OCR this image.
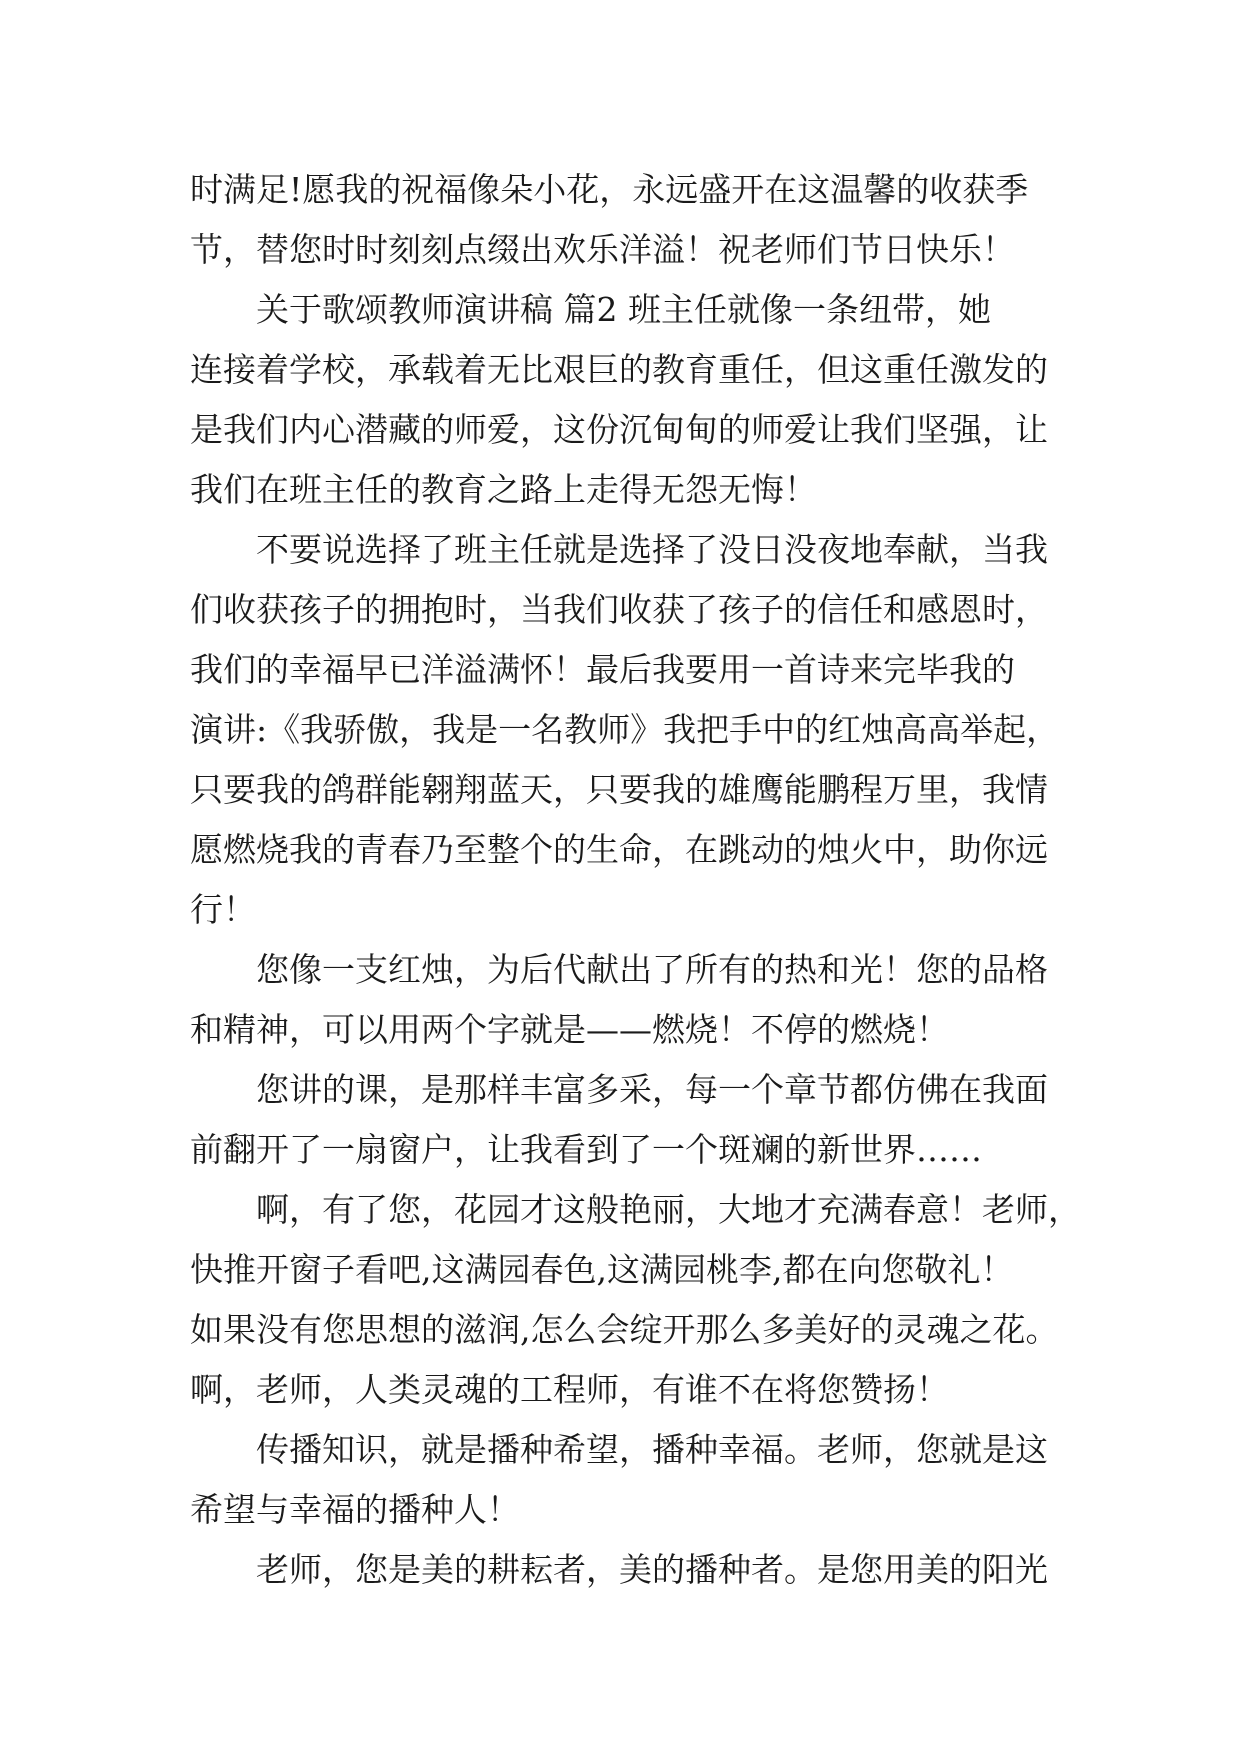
时满足!愿我的祝福像朵小花，永远盛开在这温馨的收获季
节，替您时时刻刻点缀出欢乐洋溢！祝老师们节日快乐！
关于歌颂教师演讲稿 篇2 班主任就像一条纽带，她
连接着学校，承载着无比艰巨的教育重任，但这重任激发的
是我们内心潜藏的师爱，这份沉甸甸的师爱让我们坚强，让
我们在班主任的教育之路上走得无怨无悔！
不要说选择了班主任就是选择了没日没夜地奉献，当我
们收获孩子的拥抱时，当我们收获了孩子的信任和感恩时，
我们的幸福早已洋溢满怀！最后我要用一首诗来完毕我的
演讲:《我骄傲，我是一名教师》我把手中的红烛高高举起，
只要我的鸽群能翱翔蓝天，只要我的雄鹰能鹏程万里，我情
愿燃烧我的青春乃至整个的生命，在跳动的烛火中，助你远
行！
您像一支红烛，为后代献出了所有的热和光！您的品格
和精神，可以用两个字就是——燃烧！不停的燃烧！
您讲的课，是那样丰富多采，每一个章节都仿佛在我面
前翻开了一扇窗户，让我看到了一个斑斓的新世界……
啊，有了您，花园才这般艳丽，大地才充满春意！老师，
快推开窗子看吧,这满园春色,这满园桃李,都在向您敬礼！
如果没有您思想的滋润,怎么会绽开那么多美好的灵魂之花。
啊，老师，人类灵魂的工程师，有谁不在将您赞扬！
传播知识，就是播种希望，播种幸福。老师，您就是这
希望与幸福的播种人！
老师，您是美的耕耘者，美的播种者。是您用美的阳光
